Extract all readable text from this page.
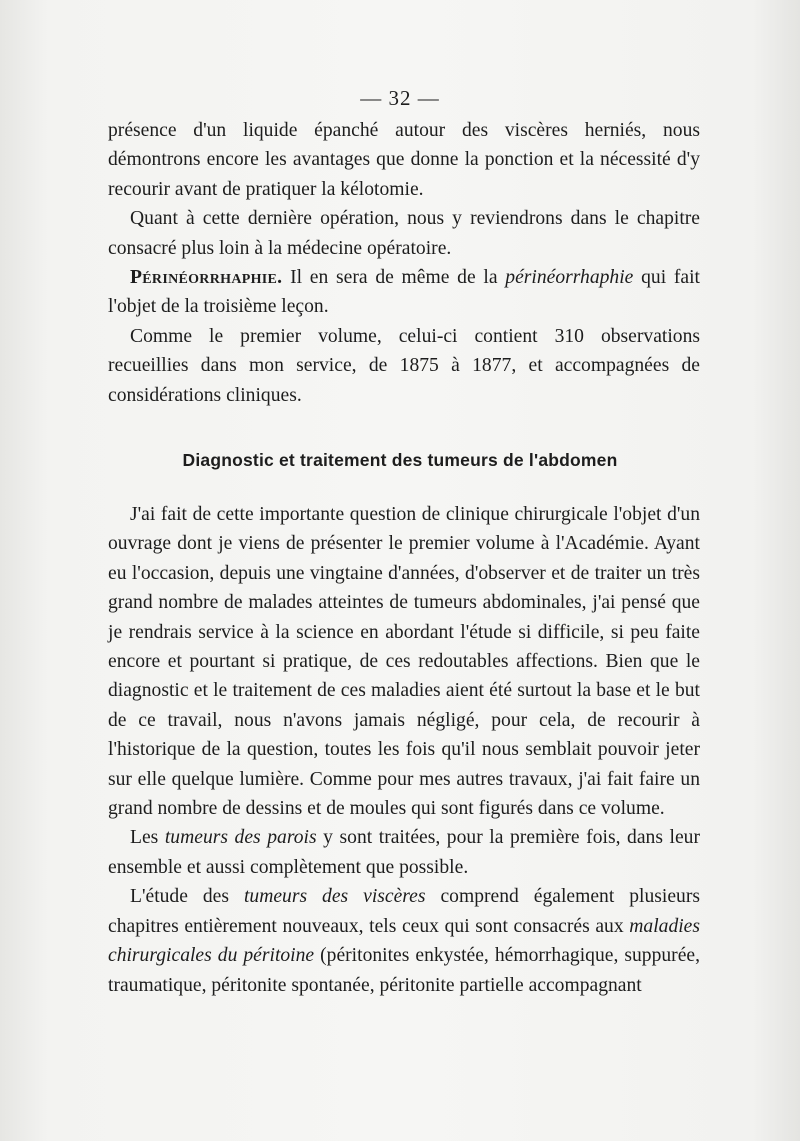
— 32 —

présence d'un liquide épanché autour des viscères herniés, nous démontrons encore les avantages que donne la ponction et la nécessité d'y recourir avant de pratiquer la kélotomie.

Quant à cette dernière opération, nous y reviendrons dans le chapitre consacré plus loin à la médecine opératoire.

Périnéorrhaphie. Il en sera de même de la périnéorrhaphie qui fait l'objet de la troisième leçon.

Comme le premier volume, celui-ci contient 310 observations recueillies dans mon service, de 1875 à 1877, et accompagnées de considérations cliniques.

Diagnostic et traitement des tumeurs de l'abdomen

J'ai fait de cette importante question de clinique chirurgicale l'objet d'un ouvrage dont je viens de présenter le premier volume à l'Académie. Ayant eu l'occasion, depuis une vingtaine d'années, d'observer et de traiter un très grand nombre de malades atteintes de tumeurs abdominales, j'ai pensé que je rendrais service à la science en abordant l'étude si difficile, si peu faite encore et pourtant si pratique, de ces redoutables affections. Bien que le diagnostic et le traitement de ces maladies aient été surtout la base et le but de ce travail, nous n'avons jamais négligé, pour cela, de recourir à l'historique de la question, toutes les fois qu'il nous semblait pouvoir jeter sur elle quelque lumière. Comme pour mes autres travaux, j'ai fait faire un grand nombre de dessins et de moules qui sont figurés dans ce volume.

Les tumeurs des parois y sont traitées, pour la première fois, dans leur ensemble et aussi complètement que possible.

L'étude des tumeurs des viscères comprend également plusieurs chapitres entièrement nouveaux, tels ceux qui sont consacrés aux maladies chirurgicales du péritoine (péritonites enkystée, hémorrhagique, suppurée, traumatique, péritonite spontanée, péritonite partielle accompagnant
